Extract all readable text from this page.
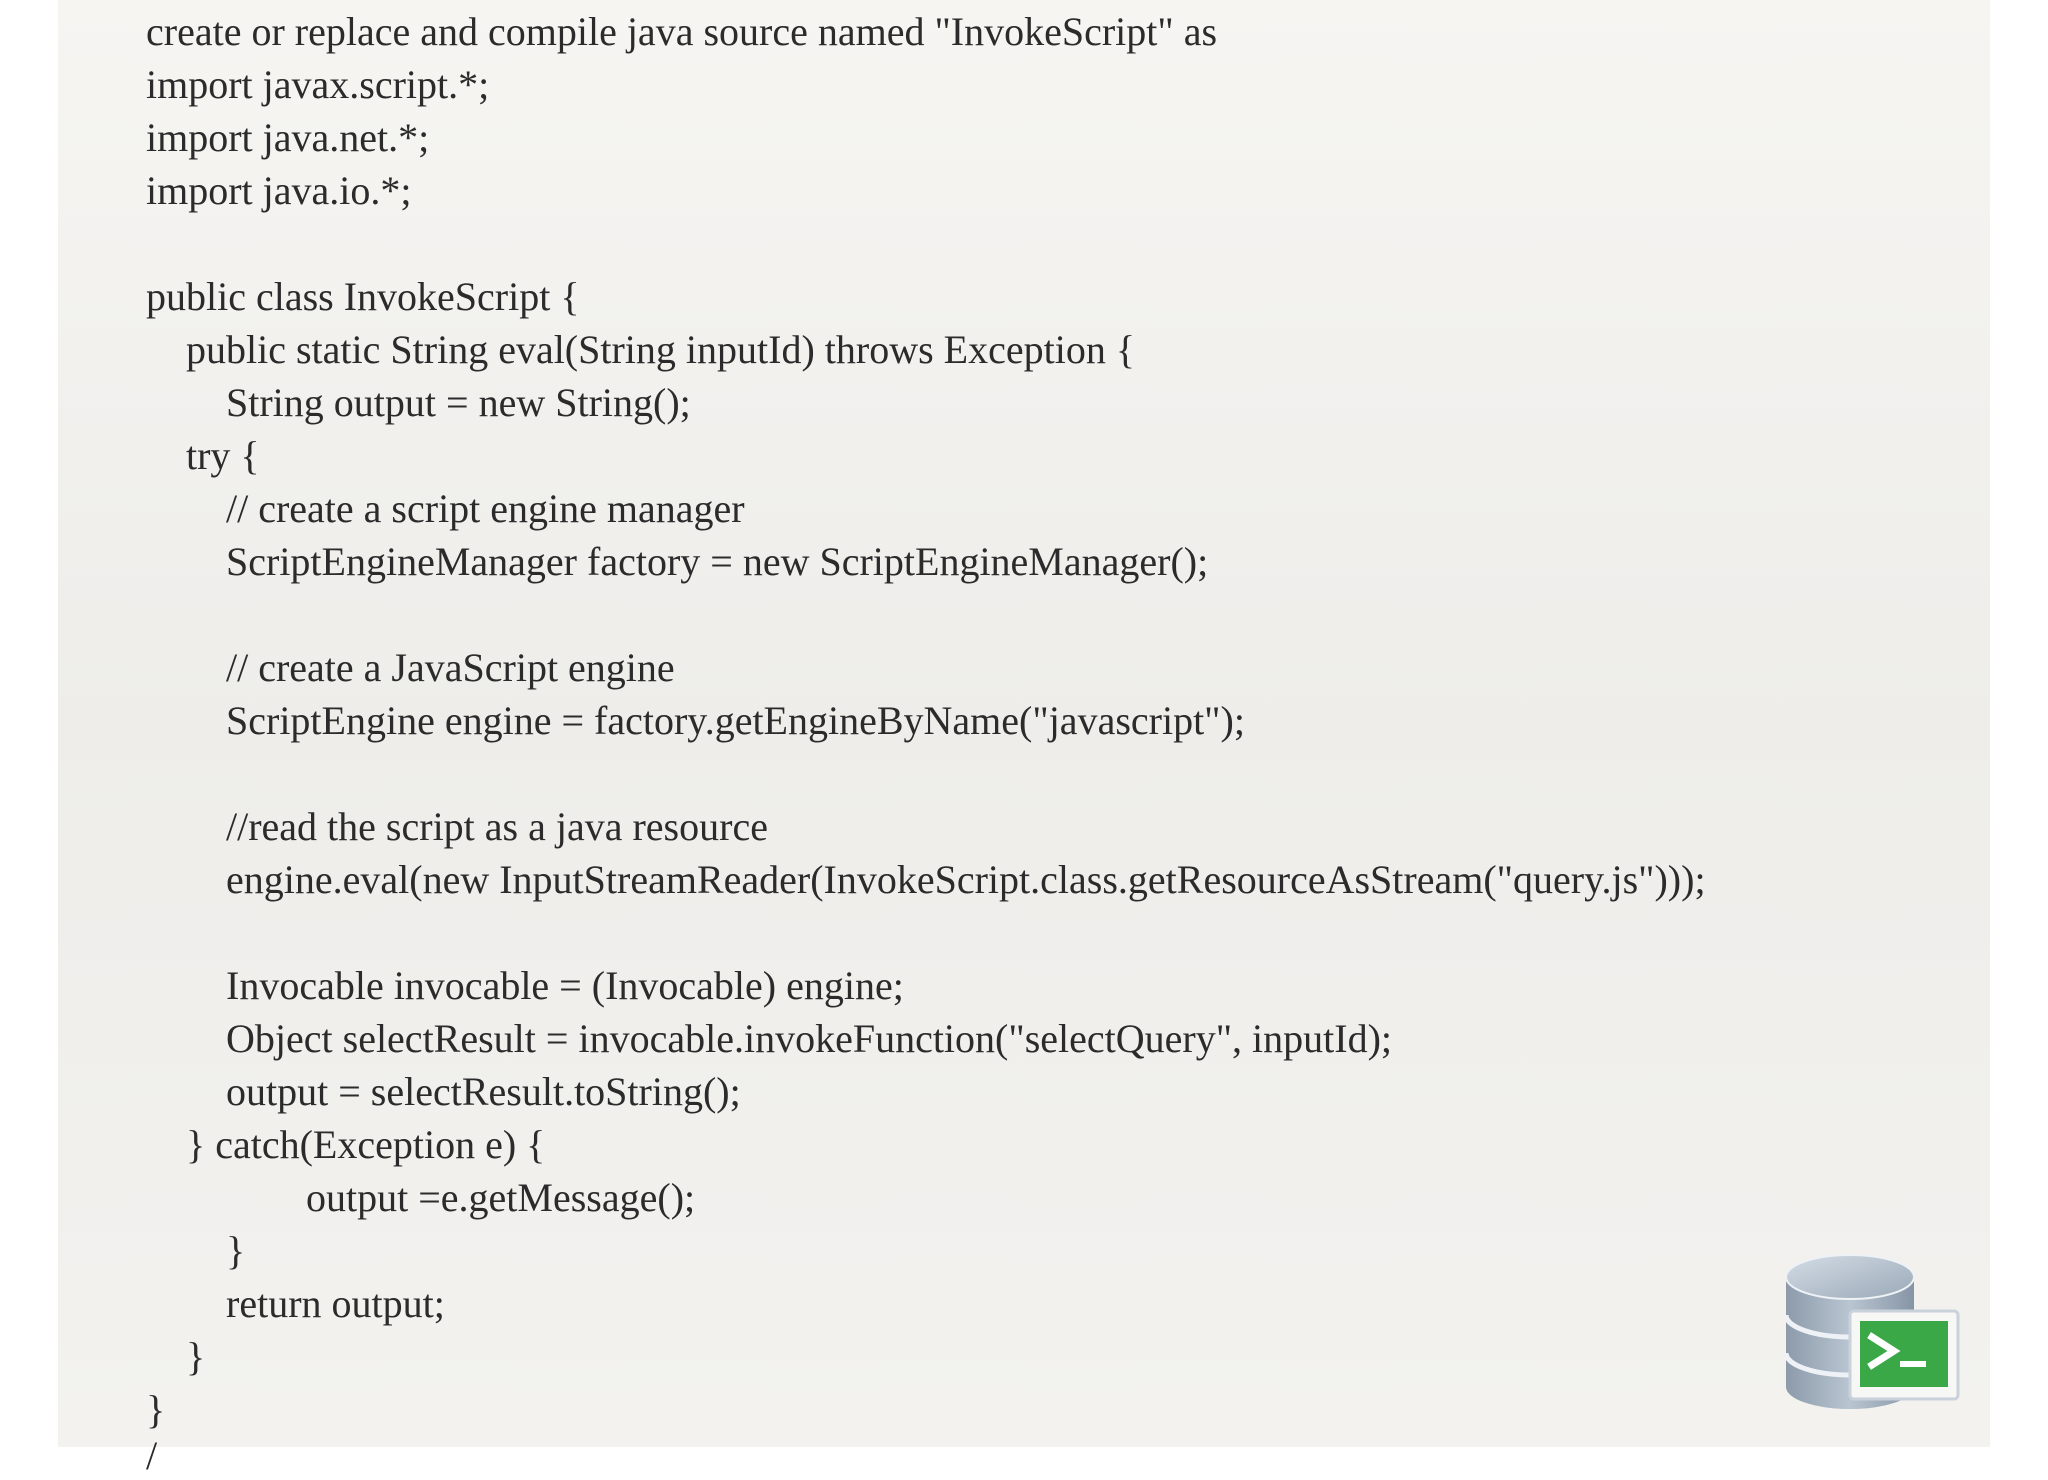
create or replace and compile java source named "InvokeScript" as
import javax.script.*;
import java.net.*;
import java.io.*;
public class InvokeScript {
public static String eval(String inputId) throws Exception {
String output = new String();
try {
// create a script engine manager
ScriptEngineManager factory = new ScriptEngineManager();
// create a JavaScript engine
ScriptEngine engine = factory.getEngineByName("javascript");
//read the script as a java resource
engine.eval(new InputStreamReader(InvokeScript.class.getResourceAsStream("query.js")));
Invocable invocable = (Invocable) engine;
Object selectResult = invocable.invokeFunction("selectQuery", inputId);
output = selectResult.toString();
} catch(Exception e) {
output =e.getMessage();
}
return output;
}
}
/
